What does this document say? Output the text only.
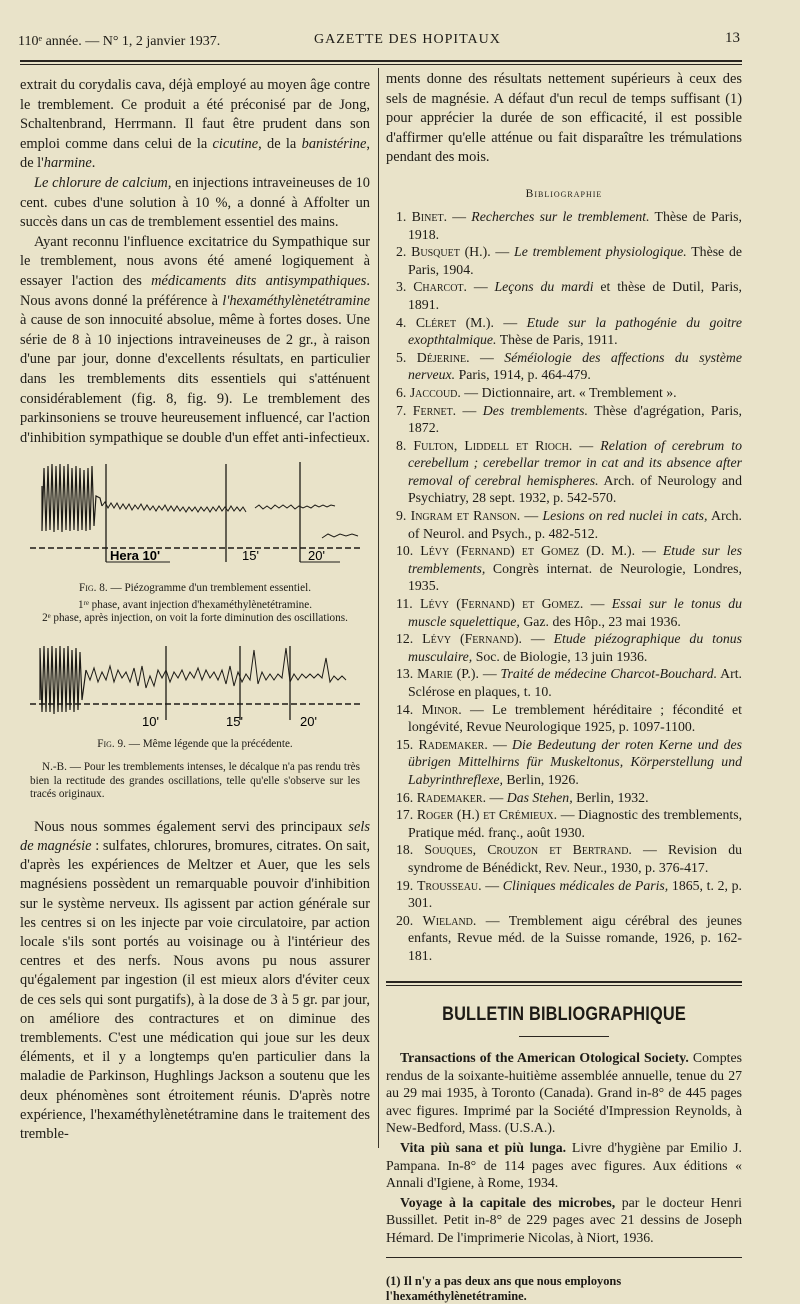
110ᵉ année. — N° 1, 2 janvier 1937.	GAZETTE DES HOPITAUX	13

extrait du corydalis cava, déjà employé au moyen âge contre le tremblement. Ce produit a été préconisé par de Jong, Schaltenbrand, Herrmann. Il faut être prudent dans son emploi comme dans celui de la cicutine, de la banistérine, de l'harmine.

Le chlorure de calcium, en injections intraveineuses de 10 cent. cubes d'une solution à 10 %, a donné à Affolter un succès dans un cas de tremblement essentiel des mains.

Ayant reconnu l'influence excitatrice du Sympathique sur le tremblement, nous avons été amené logiquement à essayer l'action des médicaments dits antisympathiques. Nous avons donné la préférence à l'hexaméthylènetétramine à cause de son innocuité absolue, même à fortes doses. Une série de 8 à 10 injections intraveineuses de 2 gr., à raison d'une par jour, donne d'excellents résultats, en particulier dans les tremblements dits essentiels qui s'atténuent considérablement (fig. 8, fig. 9). Le tremblement des parkinsoniens se trouve heureusement influencé, car l'action d'inhibition sympathique se double d'un effet anti-infectieux.

Hera 10'	15'	20'
Fig. 8. — Piézogramme d'un tremblement essentiel.
1ʳᵉ phase, avant injection d'hexaméthylènetétramine.
2ᵉ phase, après injection, on voit la forte diminution des oscillations.
10'	15'	20'
Fig. 9. — Même légende que la précédente.
N.-B. — Pour les tremblements intenses, le décalque n'a pas rendu très bien la rectitude des grandes oscillations, telle qu'elle s'observe sur les tracés originaux.

Nous nous sommes également servi des principaux sels de magnésie : sulfates, chlorures, bromures, citrates. On sait, d'après les expériences de Meltzer et Auer, que les sels magnésiens possèdent un remarquable pouvoir d'inhibition sur le système nerveux. Ils agissent par action générale sur les centres si on les injecte par voie circulatoire, par action locale s'ils sont portés au voisinage ou à l'intérieur des centres et des nerfs. Nous avons pu nous assurer qu'également par ingestion (il est mieux alors d'éviter ceux de ces sels qui sont purgatifs), à la dose de 3 à 5 gr. par jour, on améliore des contractures et on diminue des tremblements. C'est une médication qui joue sur les deux éléments, et il y a longtemps qu'en particulier dans la maladie de Parkinson, Hughlings Jackson a soutenu que les deux phénomènes sont étroitement réunis. D'après notre expérience, l'hexaméthylènetétramine dans le traitement des tremble-

ments donne des résultats nettement supérieurs à ceux des sels de magnésie. A défaut d'un recul de temps suffisant (1) pour apprécier la durée de son efficacité, il est possible d'affirmer qu'elle atténue ou fait disparaître les trémulations pendant des mois.

Bibliographie
1. Binet. — Recherches sur le tremblement. Thèse de Paris, 1918.
2. Busquet (H.). — Le tremblement physiologique. Thèse de Paris, 1904.
3. Charcot. — Leçons du mardi et thèse de Dutil, Paris, 1891.
4. Cléret (M.). — Etude sur la pathogénie du goitre exopthtalmique. Thèse de Paris, 1911.
5. Déjerine. — Séméiologie des affections du système nerveux. Paris, 1914, p. 464-479.
6. Jaccoud. — Dictionnaire, art. « Tremblement ».
7. Fernet. — Des tremblements. Thèse d'agrégation, Paris, 1872.
8. Fulton, Liddell et Rioch. — Relation of cerebrum to cerebellum ; cerebellar tremor in cat and its absence after removal of cerebral hemispheres. Arch. of Neurology and Psychiatry, 28 sept. 1932, p. 542-570.
9. Ingram et Ranson. — Lesions on red nuclei in cats, Arch. of Neurol. and Psych., p. 482-512.
10. Lévy (Fernand) et Gomez (D. M.). — Etude sur les tremblements, Congrès internat. de Neurologie, Londres, 1935.
11. Lévy (Fernand) et Gomez. — Essai sur le tonus du muscle squelettique, Gaz. des Hôp., 23 mai 1936.
12. Lévy (Fernand). — Etude piézographique du tonus musculaire, Soc. de Biologie, 13 juin 1936.
13. Marie (P.). — Traité de médecine Charcot-Bouchard. Art. Sclérose en plaques, t. 10.
14. Minor. — Le tremblement héréditaire ; fécondité et longévité, Revue Neurologique 1925, p. 1097-1100.
15. Rademaker. — Die Bedeutung der roten Kerne und des übrigen Mittelhirns für Muskeltonus, Körperstellung und Labyrinthreflexe, Berlin, 1926.
16. Rademaker. — Das Stehen, Berlin, 1932.
17. Roger (H.) et Crémieux. — Diagnostic des tremblements, Pratique méd. franç., août 1930.
18. Souques, Crouzon et Bertrand. — Revision du syndrome de Bénédickt, Rev. Neur., 1930, p. 376-417.
19. Trousseau. — Cliniques médicales de Paris, 1865, t. 2, p. 301.
20. Wieland. — Tremblement aigu cérébral des jeunes enfants, Revue méd. de la Suisse romande, 1926, p. 162-181.
BULLETIN BIBLIOGRAPHIQUE

Transactions of the American Otological Society. Comptes rendus de la soixante-huitième assemblée annuelle, tenue du 27 au 29 mai 1935, à Toronto (Canada). Grand in-8° de 445 pages avec figures. Imprimé par la Société d'Impression Reynolds, à New-Bedford, Mass. (U.S.A.).

Vita più sana et più lunga. Livre d'hygiène par Emilio J. Pampana. In-8° de 114 pages avec figures. Aux éditions « Annali d'Igiene, à Rome, 1934.

Voyage à la capitale des microbes, par le docteur Henri Bussillet. Petit in-8° de 229 pages avec 21 dessins de Joseph Hémard. De l'imprimerie Nicolas, à Niort, 1936.

(1) Il n'y a pas deux ans que nous employons l'hexaméthylènetétramine.
